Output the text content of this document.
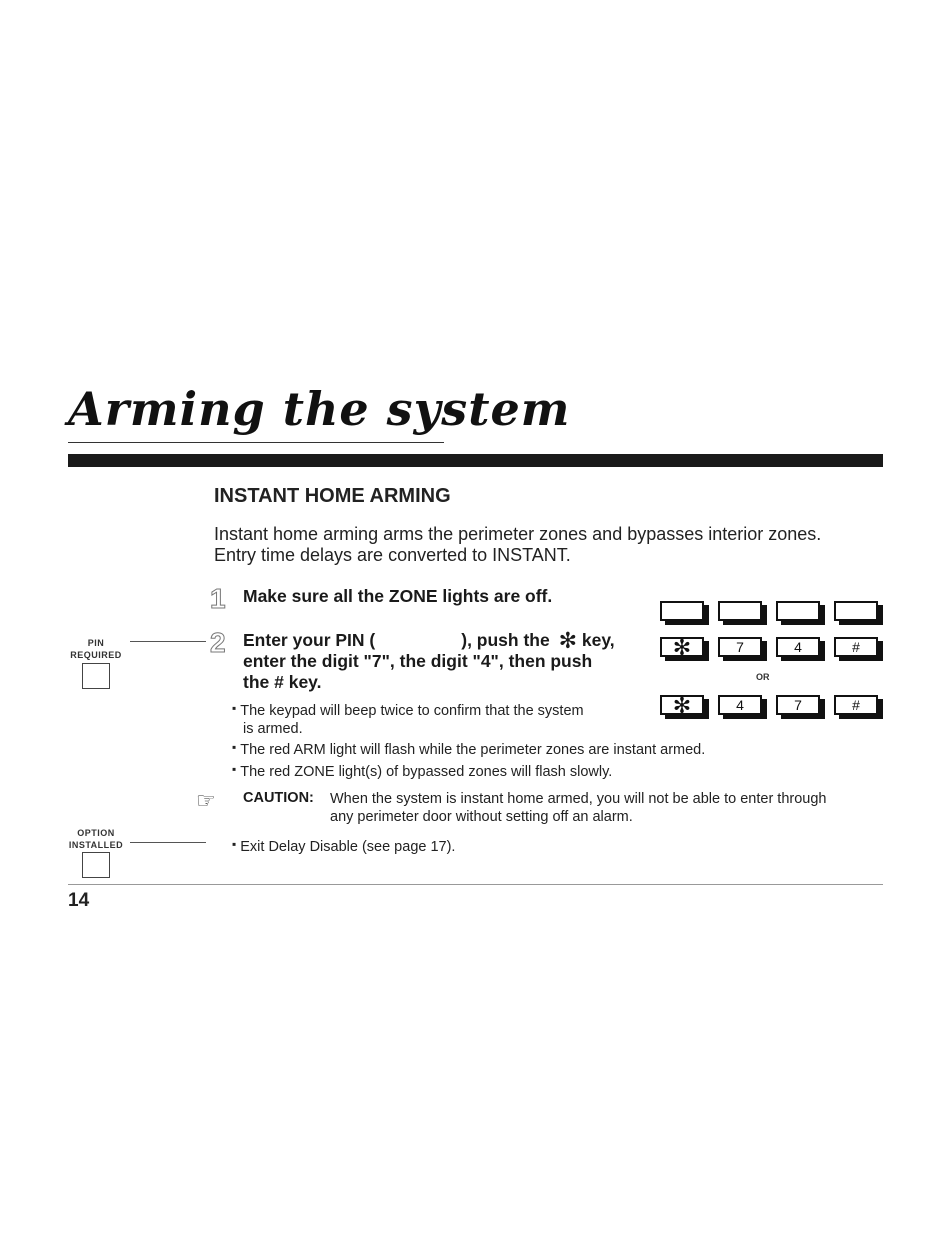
Arming the system
INSTANT HOME ARMING
Instant home arming arms the perimeter zones and bypasses interior zones.
Entry time delays are converted to INSTANT.
1 Make sure all the ZONE lights are off.
2 Enter your PIN (	), push the ✻ key, enter the digit "7", the digit "4", then push the # key.
▪ The keypad will beep twice to confirm that the system
is armed.
▪ The red ARM light will flash while the perimeter zones are instant armed.
▪ The red ZONE light(s) of bypassed zones will flash slowly.
☞ CAUTION: When the system is instant home armed, you will not be able to enter through any perimeter door without setting off an alarm.
▪ Exit Delay Disable (see page 17).
PIN
REQUIRED
OPTION
INSTALLED
✻	7	4	#
OR
✻	4	7	#
14
